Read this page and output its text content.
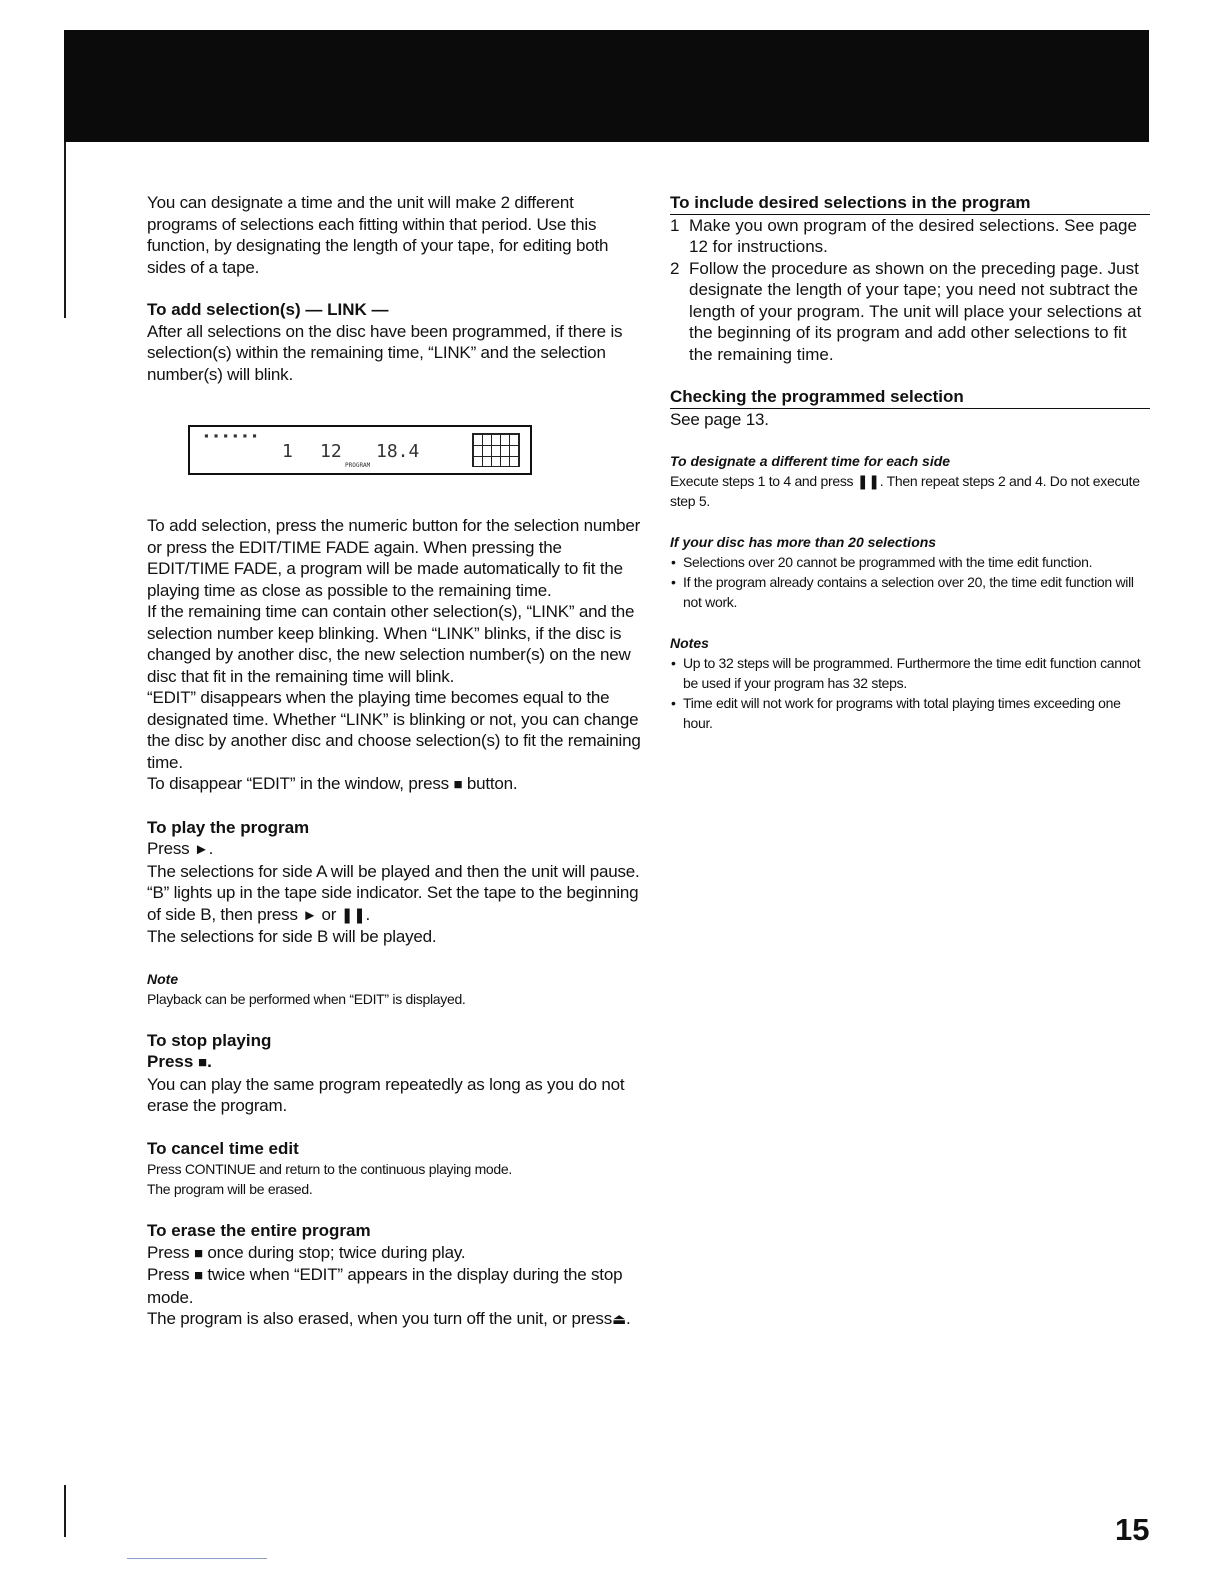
You can designate a time and the unit will make 2 different programs of selections each fitting within that period. Use this function, by designating the length of your tape, for editing both sides of a tape.

To add selection(s) — LINK —

After all selections on the disc have been programmed, if there is selection(s) within the remaining time, “LINK” and the selection number(s) will blink.

▪ ▪ ▪ ▪ ▪ ▪
1 12 18.4
PROGRAM

To add selection, press the numeric button for the selection number or press the EDIT/TIME FADE again. When pressing the EDIT/TIME FADE, a program will be made automatically to fit the playing time as close as possible to the remaining time.

If the remaining time can contain other selection(s), “LINK” and the selection number keep blinking. When “LINK” blinks, if the disc is changed by another disc, the new selection number(s) on the new disc that fit in the remaining time will blink.

“EDIT” disappears when the playing time becomes equal to the designated time. Whether “LINK” is blinking or not, you can change the disc by another disc and choose selection(s) to fit the remaining time.

To disappear “EDIT” in the window, press ■ button.

To play the program

Press ►.

The selections for side A will be played and then the unit will pause. “B” lights up in the tape side indicator. Set the tape to the beginning of side B, then press ► or ❚❚.

The selections for side B will be played.

Note

Playback can be performed when “EDIT” is displayed.

To stop playing
Press ■.

You can play the same program repeatedly as long as you do not erase the program.

To cancel time edit

Press CONTINUE and return to the continuous playing mode.

The program will be erased.

To erase the entire program

Press ■ once during stop; twice during play.

Press ■ twice when “EDIT” appears in the display during the stop mode.

The program is also erased, when you turn off the unit, or press⏏.

To include desired selections in the program
1 Make you own program of the desired selections. See page 12 for instructions.
2 Follow the procedure as shown on the preceding page. Just designate the length of your tape; you need not subtract the length of your program. The unit will place your selections at the beginning of its program and add other selections to fit the remaining time.
Checking the programmed selection

See page 13.

To designate a different time for each side

Execute steps 1 to 4 and press ❚❚. Then repeat steps 2 and 4. Do not execute step 5.

If your disc has more than 20 selections
• Selections over 20 cannot be programmed with the time edit function.
• If the program already contains a selection over 20, the time edit function will not work.
Notes
• Up to 32 steps will be programmed. Furthermore the time edit function cannot be used if your program has 32 steps.
• Time edit will not work for programs with total playing times exceeding one hour.
15
